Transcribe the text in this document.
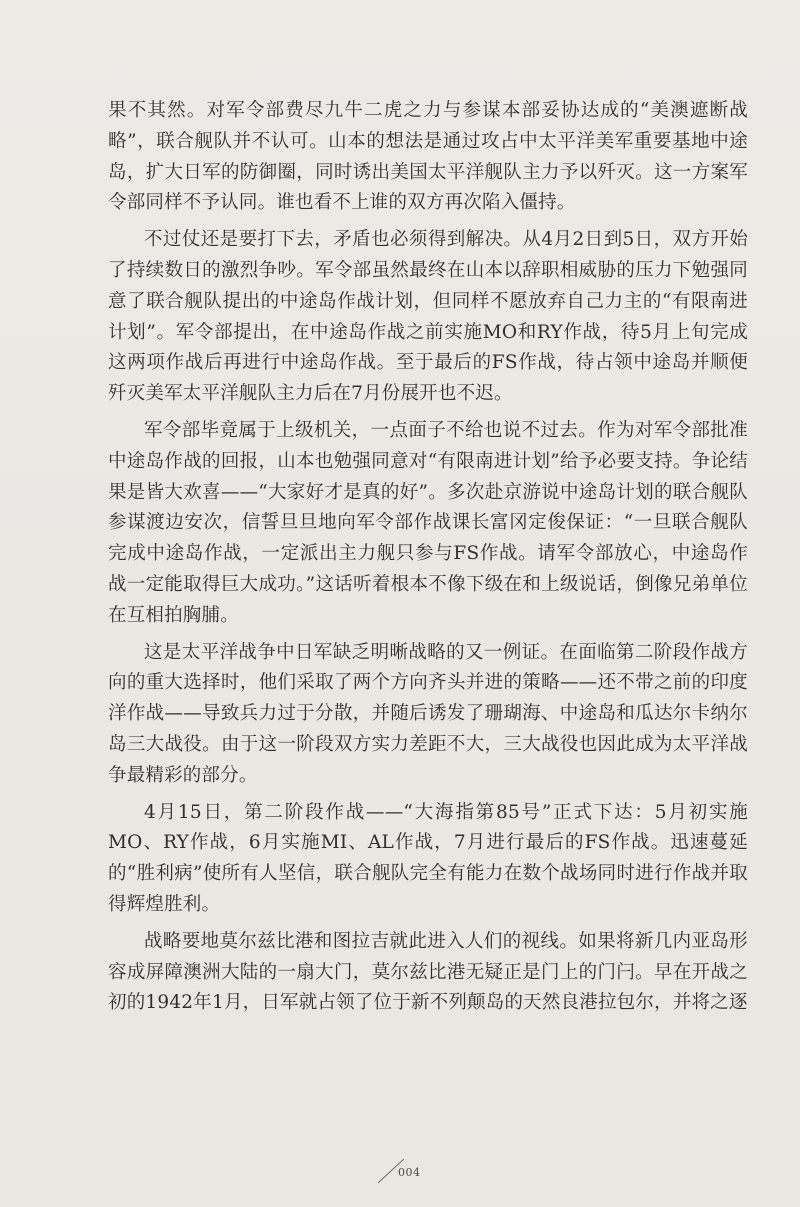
果不其然。对军令部费尽九牛二虎之力与参谋本部妥协达成的“美澳遮断战略”，联合舰队并不认可。山本的想法是通过攻占中太平洋美军重要基地中途岛，扩大日军的防御圈，同时诱出美国太平洋舰队主力予以歼灭。这一方案军令部同样不予认同。谁也看不上谁的双方再次陷入僵持。

不过仗还是要打下去，矛盾也必须得到解决。从4月2日到5日，双方开始了持续数日的激烈争吵。军令部虽然最终在山本以辞职相威胁的压力下勉强同意了联合舰队提出的中途岛作战计划，但同样不愿放弃自己力主的“有限南进计划”。军令部提出，在中途岛作战之前实施MO和RY作战，待5月上旬完成这两项作战后再进行中途岛作战。至于最后的FS作战，待占领中途岛并顺便歼灭美军太平洋舰队主力后在7月份展开也不迟。

军令部毕竟属于上级机关，一点面子不给也说不过去。作为对军令部批准中途岛作战的回报，山本也勉强同意对“有限南进计划”给予必要支持。争论结果是皆大欢喜——“大家好才是真的好”。多次赴京游说中途岛计划的联合舰队参谋渡边安次，信誓旦旦地向军令部作战课长富冈定俊保证：“一旦联合舰队完成中途岛作战，一定派出主力舰只参与FS作战。请军令部放心，中途岛作战一定能取得巨大成功。”这话听着根本不像下级在和上级说话，倒像兄弟单位在互相拍胸脯。

这是太平洋战争中日军缺乏明晰战略的又一例证。在面临第二阶段作战方向的重大选择时，他们采取了两个方向齐头并进的策略——还不带之前的印度洋作战——导致兵力过于分散，并随后诱发了珊瑚海、中途岛和瓜达尔卡纳尔岛三大战役。由于这一阶段双方实力差距不大，三大战役也因此成为太平洋战争最精彩的部分。

4月15日，第二阶段作战——“大海指第85号”正式下达：5月初实施MO、RY作战，6月实施MI、AL作战，7月进行最后的FS作战。迅速蔓延的“胜利病”使所有人坚信，联合舰队完全有能力在数个战场同时进行作战并取得辉煌胜利。

战略要地莫尔兹比港和图拉吉就此进入人们的视线。如果将新几内亚岛形容成屏障澳洲大陆的一扇大门，莫尔兹比港无疑正是门上的门闩。早在开战之初的1942年1月，日军就占领了位于新不列颠岛的天然良港拉包尔，并将之逐

004
